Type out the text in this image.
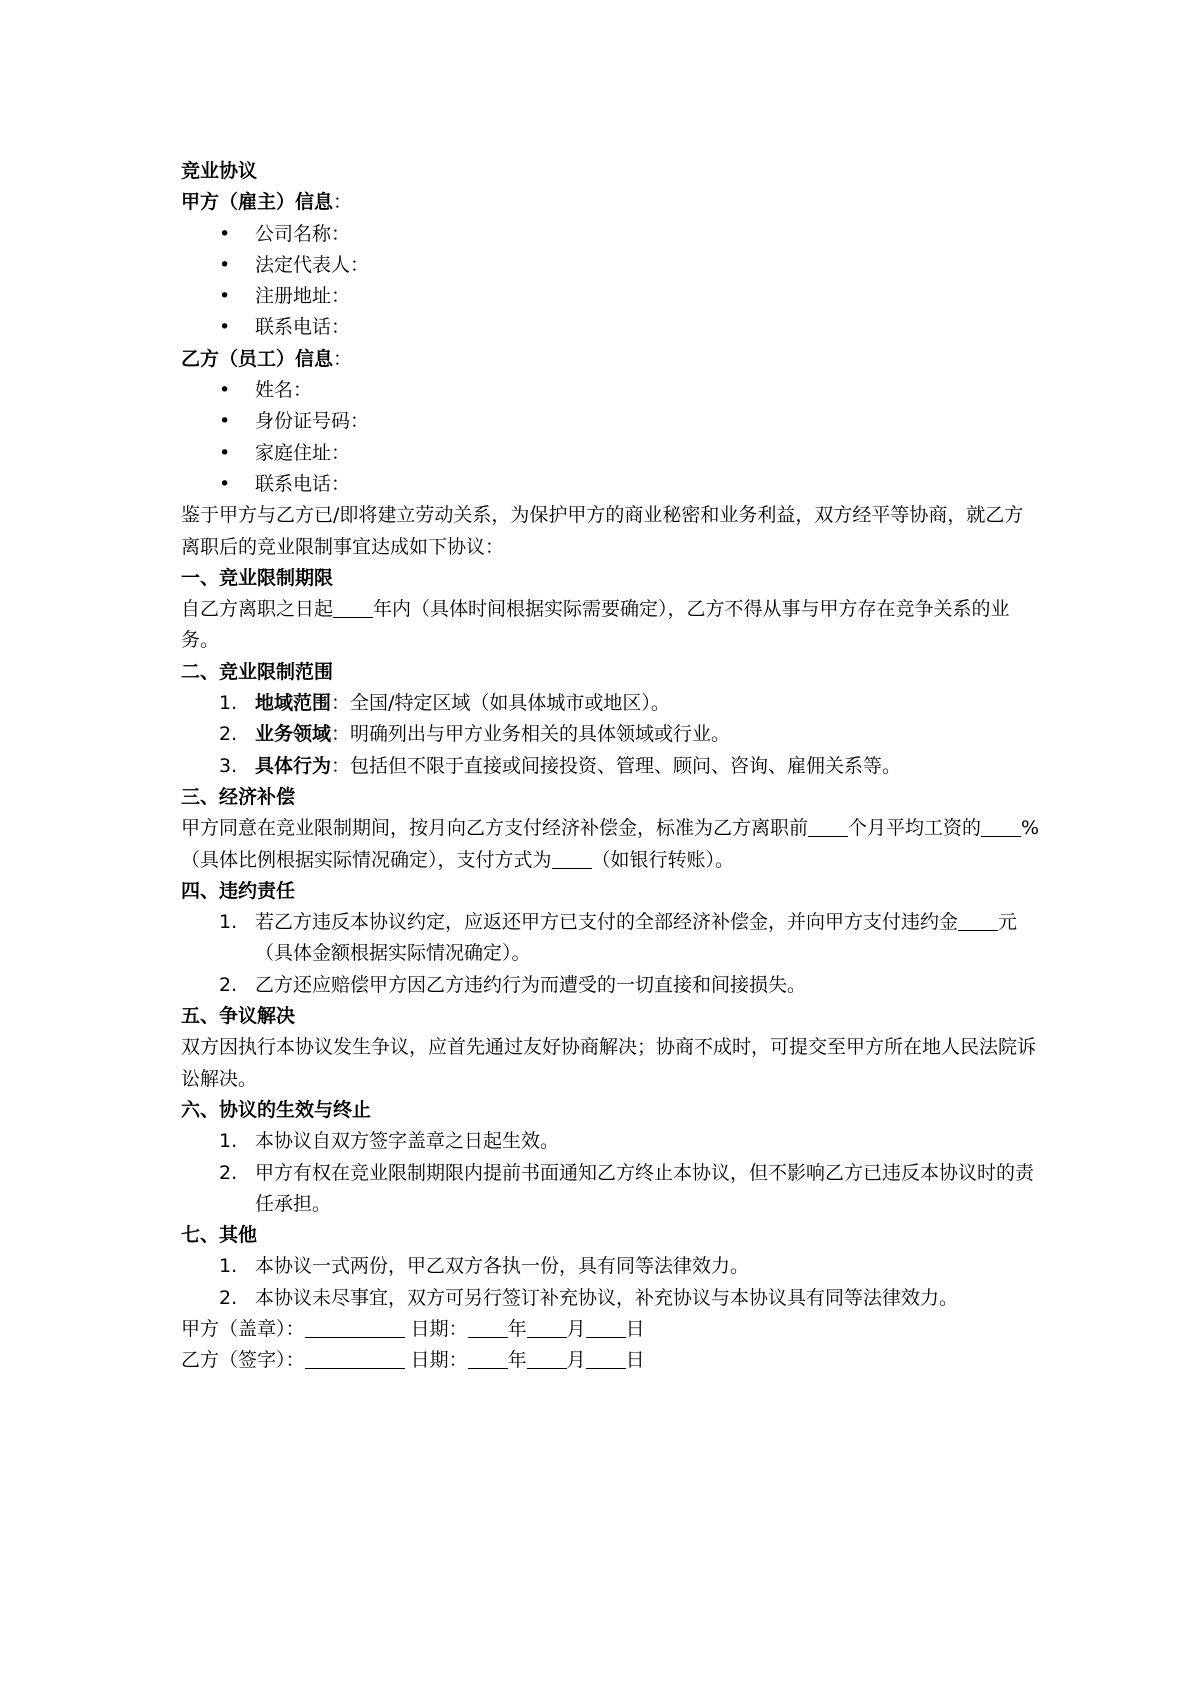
竞业协议
甲方（雇主）信息：
• 公司名称：
• 法定代表人：
• 注册地址：
• 联系电话：
乙方（员工）信息：
• 姓名：
• 身份证号码：
• 家庭住址：
• 联系电话：
鉴于甲方与乙方已/即将建立劳动关系，为保护甲方的商业秘密和业务利益，双方经平等协商，就乙方离职后的竞业限制事宜达成如下协议：
一、竞业限制期限
自乙方离职之日起 年内（具体时间根据实际需要确定），乙方不得从事与甲方存在竞争关系的业务。
二、竞业限制范围
1. 地域范围：全国/特定区域（如具体城市或地区）。
2. 业务领域：明确列出与甲方业务相关的具体领域或行业。
3. 具体行为：包括但不限于直接或间接投资、管理、顾问、咨询、雇佣关系等。
三、经济补偿
甲方同意在竞业限制期间，按月向乙方支付经济补偿金，标准为乙方离职前 个月平均工资的 %（具体比例根据实际情况确定），支付方式为 （如银行转账）。
四、违约责任
1. 若乙方违反本协议约定，应返还甲方已支付的全部经济补偿金，并向甲方支付违约金 元（具体金额根据实际情况确定）。
2. 乙方还应赔偿甲方因乙方违约行为而遭受的一切直接和间接损失。
五、争议解决
双方因执行本协议发生争议，应首先通过友好协商解决；协商不成时，可提交至甲方所在地人民法院诉讼解决。
六、协议的生效与终止
1. 本协议自双方签字盖章之日起生效。
2. 甲方有权在竞业限制期限内提前书面通知乙方终止本协议，但不影响乙方已违反本协议时的责任承担。
七、其他
1. 本协议一式两份，甲乙双方各执一份，具有同等法律效力。
2. 本协议未尽事宜，双方可另行签订补充协议，补充协议与本协议具有同等法律效力。
甲方（盖章）：	日期： 年 月 日
乙方（签字）：	日期： 年 月 日
